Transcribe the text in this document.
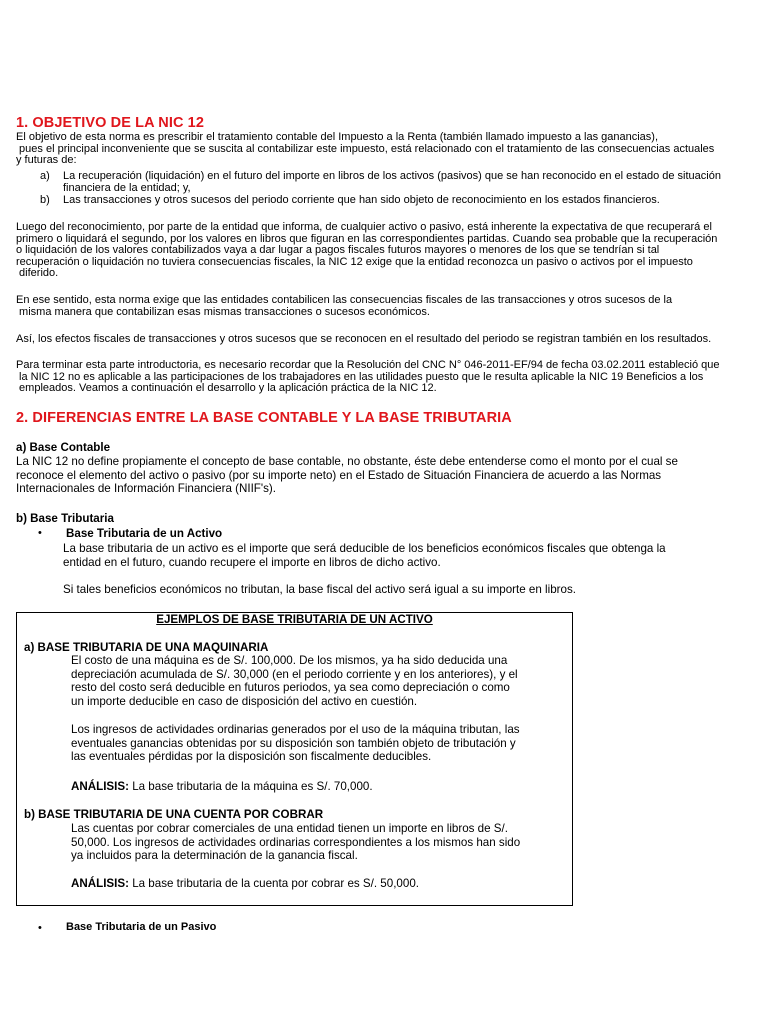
1. OBJETIVO DE LA NIC 12
El objetivo de esta norma es prescribir el tratamiento contable del Impuesto a la Renta (también llamado impuesto a las ganancias),
pues el principal inconveniente que se suscita al contabilizar este impuesto, está relacionado con el tratamiento de las consecuencias actuales
y futuras de:
a) La recuperación (liquidación) en el futuro del importe en libros de los activos (pasivos) que se han reconocido en el estado de situación
financiera de la entidad; y,
b) Las transacciones y otros sucesos del periodo corriente que han sido objeto de reconocimiento en los estados financieros.
Luego del reconocimiento, por parte de la entidad que informa, de cualquier activo o pasivo, está inherente la expectativa de que recuperará el
primero o liquidará el segundo, por los valores en libros que figuran en las correspondientes partidas. Cuando sea probable que la recuperación
o liquidación de los valores contabilizados vaya a dar lugar a pagos fiscales futuros mayores o menores de los que se tendrían si tal
recuperación o liquidación no tuviera consecuencias fiscales, la NIC 12 exige que la entidad reconozca un pasivo o activos por el impuesto
diferido.
En ese sentido, esta norma exige que las entidades contabilicen las consecuencias fiscales de las transacciones y otros sucesos de la
misma manera que contabilizan esas mismas transacciones o sucesos económicos.
Así, los efectos fiscales de transacciones y otros sucesos que se reconocen en el resultado del periodo se registran también en los resultados.
Para terminar esta parte introductoria, es necesario recordar que la Resolución del CNC N° 046-2011-EF/94 de fecha 03.02.2011 estableció que
la NIC 12 no es aplicable a las participaciones de los trabajadores en las utilidades puesto que le resulta aplicable la NIC 19 Beneficios a los
empleados. Veamos a continuación el desarrollo y la aplicación práctica de la NIC 12.
2. DIFERENCIAS ENTRE LA BASE CONTABLE Y LA BASE TRIBUTARIA
a) Base Contable
La NIC 12 no define propiamente el concepto de base contable, no obstante, éste debe entenderse como el monto por el cual se
reconoce el elemento del activo o pasivo (por su importe neto) en el Estado de Situación Financiera de acuerdo a las Normas
Internacionales de Información Financiera (NIIF's).
b) Base Tributaria
• Base Tributaria de un Activo
La base tributaria de un activo es el importe que será deducible de los beneficios económicos fiscales que obtenga la
entidad en el futuro, cuando recupere el importe en libros de dicho activo.
Si tales beneficios económicos no tributan, la base fiscal del activo será igual a su importe en libros.
EJEMPLOS DE BASE TRIBUTARIA DE UN ACTIVO
a) BASE TRIBUTARIA DE UNA MAQUINARIA
El costo de una máquina es de S/. 100,000. De los mismos, ya ha sido deducida una
depreciación acumulada de S/. 30,000 (en el periodo corriente y en los anteriores), y el
resto del costo será deducible en futuros periodos, ya sea como depreciación o como
un importe deducible en caso de disposición del activo en cuestión.
Los ingresos de actividades ordinarias generados por el uso de la máquina tributan, las
eventuales ganancias obtenidas por su disposición son también objeto de tributación y
las eventuales pérdidas por la disposición son fiscalmente deducibles.
ANÁLISIS: La base tributaria de la máquina es S/. 70,000.
b) BASE TRIBUTARIA DE UNA CUENTA POR COBRAR
Las cuentas por cobrar comerciales de una entidad tienen un importe en libros de S/.
50,000. Los ingresos de actividades ordinarias correspondientes a los mismos han sido
ya incluidos para la determinación de la ganancia fiscal.
ANÁLISIS: La base tributaria de la cuenta por cobrar es S/. 50,000.
• Base Tributaria de un Pasivo
